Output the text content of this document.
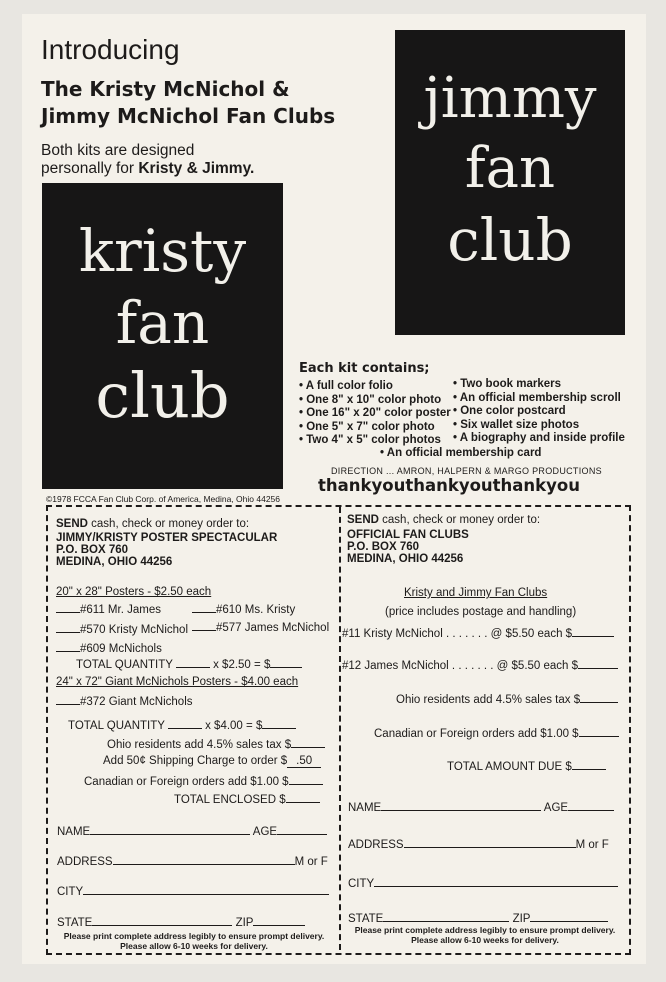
Introducing
The Kristy McNichol &
Jimmy McNichol Fan Clubs
Both kits are designed
personally for Kristy & Jimmy.
kristy
fan
club
jimmy
fan
club
Each kit contains;
• A full color folio
• One 8" x 10" color photo
• One 16" x 20" color poster
• One 5" x 7" color photo
• Two 4" x 5" color photos
• Two book markers
• An official membership scroll
• One color postcard
• Six wallet size photos
• A biography and inside profile
• An official membership card
DIRECTION ... AMRON, HALPERN & MARGO PRODUCTIONS
thankyouthankyouthankyou
©1978 FCCA Fan Club Corp. of America, Medina, Ohio 44256
SEND cash, check or money order to:
JIMMY/KRISTY POSTER SPECTACULAR
P.O. BOX 760
MEDINA, OHIO 44256
20" x 28" Posters - $2.50 each
#611 Mr. James	#610 Ms. Kristy
#570 Kristy McNichol	#577 James McNichol
#609 McNichols
TOTAL QUANTITY	x $2.50 = $
24" x 72" Giant McNichols Posters - $4.00 each
#372 Giant McNichols
TOTAL QUANTITY	x $4.00 = $
Ohio residents add 4.5% sales tax $
Add 50¢ Shipping Charge to order $ .50
Canadian or Foreign orders add $1.00 $
TOTAL ENCLOSED $
NAME	AGE
ADDRESS	M or F
CITY
STATE	ZIP
Please print complete address legibly to ensure prompt delivery.
Please allow 6-10 weeks for delivery.
SEND cash, check or money order to:
OFFICIAL FAN CLUBS
P.O. BOX 760
MEDINA, OHIO 44256
Kristy and Jimmy Fan Clubs
(price includes postage and handling)
#11 Kristy McNichol . . . . . . . @ $5.50 each $
#12 James McNichol . . . . . . . @ $5.50 each $
Ohio residents add 4.5% sales tax $
Canadian or Foreign orders add $1.00 $
TOTAL AMOUNT DUE $
NAME	AGE
ADDRESS	M or F
CITY
STATE	ZIP
Please print complete address legibly to ensure prompt delivery.
Please allow 6-10 weeks for delivery.
